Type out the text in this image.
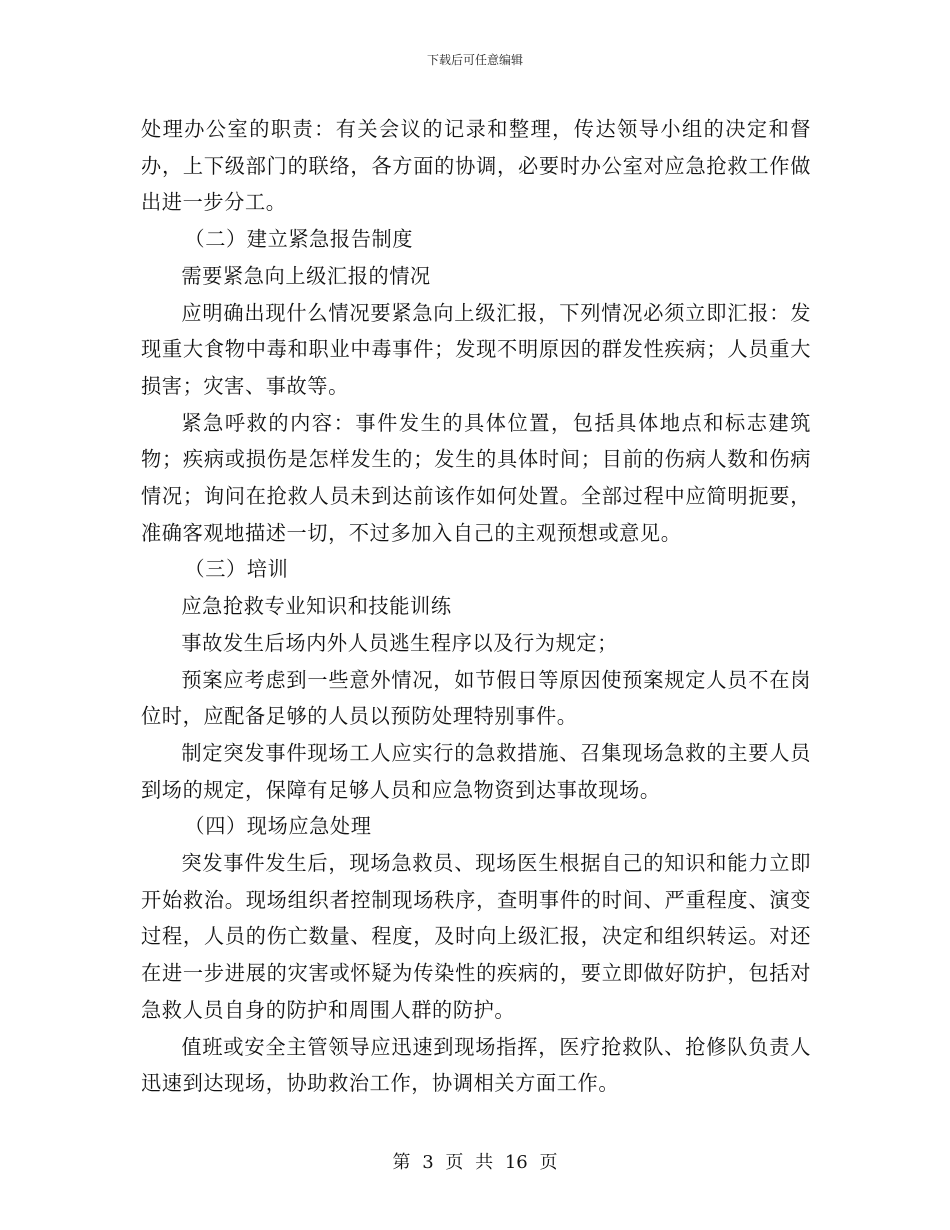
下载后可任意编辑

处理办公室的职责：有关会议的记录和整理，传达领导小组的决定和督办，上下级部门的联络，各方面的协调，必要时办公室对应急抢救工作做出进一步分工。

（二）建立紧急报告制度

需要紧急向上级汇报的情况

应明确出现什么情况要紧急向上级汇报，下列情况必须立即汇报：发现重大食物中毒和职业中毒事件；发现不明原因的群发性疾病；人员重大损害；灾害、事故等。

紧急呼救的内容：事件发生的具体位置，包括具体地点和标志建筑物；疾病或损伤是怎样发生的；发生的具体时间；目前的伤病人数和伤病情况；询问在抢救人员未到达前该作如何处置。全部过程中应简明扼要，准确客观地描述一切，不过多加入自己的主观预想或意见。

（三）培训

应急抢救专业知识和技能训练

事故发生后场内外人员逃生程序以及行为规定；

预案应考虑到一些意外情况，如节假日等原因使预案规定人员不在岗位时，应配备足够的人员以预防处理特别事件。

制定突发事件现场工人应实行的急救措施、召集现场急救的主要人员到场的规定，保障有足够人员和应急物资到达事故现场。

（四）现场应急处理

突发事件发生后，现场急救员、现场医生根据自己的知识和能力立即开始救治。现场组织者控制现场秩序，查明事件的时间、严重程度、演变过程，人员的伤亡数量、程度，及时向上级汇报，决定和组织转运。对还在进一步进展的灾害或怀疑为传染性的疾病的，要立即做好防护，包括对急救人员自身的防护和周围人群的防护。

值班或安全主管领导应迅速到现场指挥，医疗抢救队、抢修队负责人迅速到达现场，协助救治工作，协调相关方面工作。

第 3 页 共 16 页
